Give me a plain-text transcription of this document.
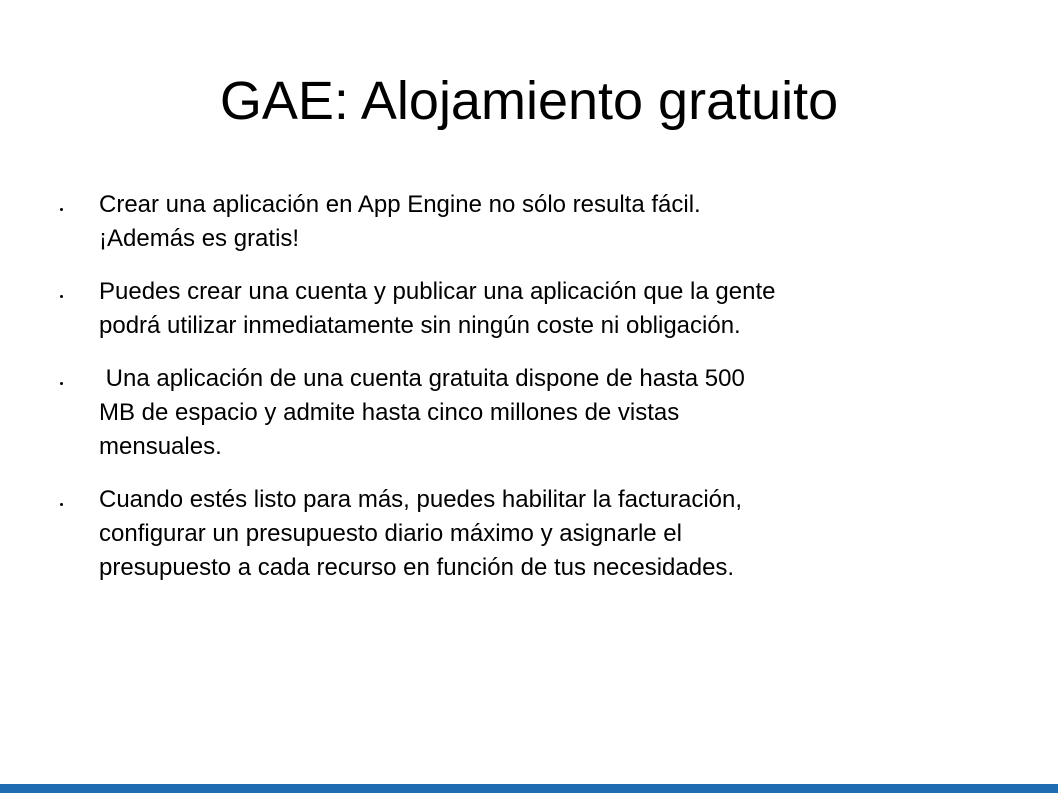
GAE: Alojamiento gratuito
Crear una aplicación en App Engine no sólo resulta fácil.
¡Además es gratis!
Puedes crear una cuenta y publicar una aplicación que la gente
podrá utilizar inmediatamente sin ningún coste ni obligación.
Una aplicación de una cuenta gratuita dispone de hasta 500
MB de espacio y admite hasta cinco millones de vistas
mensuales.
Cuando estés listo para más, puedes habilitar la facturación,
configurar un presupuesto diario máximo y asignarle el
presupuesto a cada recurso en función de tus necesidades.
